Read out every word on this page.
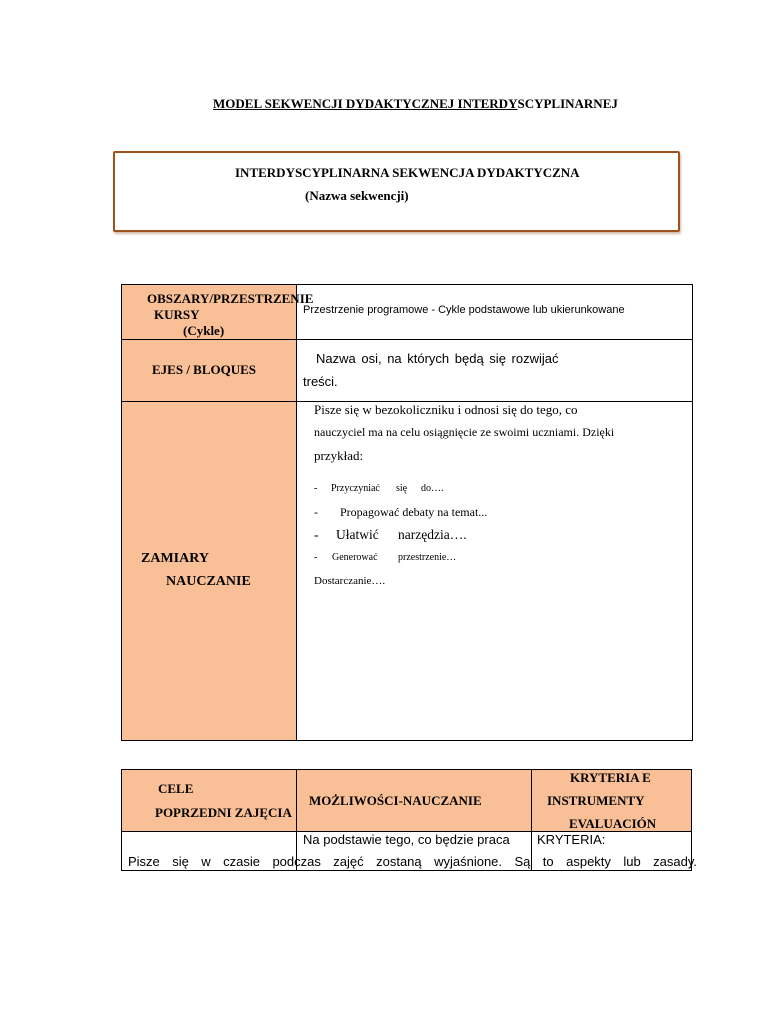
MODEL SEKWENCJI DYDAKTYCZNEJ INTERDYSCYPLINARNEJ
INTERDYSCYPLINARNA SEKWENCJA DYDAKTYCZNA
(Nazwa sekwencji)
OBSZARY/PRZESTRZENIE
KURSY
(Cykle)
Przestrzenie programowe - Cykle podstawowe lub ukierunkowane
EJES / BLOQUES
Nazwa osi, na których będą się rozwijać
treści.
ZAMIARY
NAUCZANIE
Pisze się w bezokoliczniku i odnosi się do tego, co
nauczyciel ma na celu osiągnięcie ze swoimi uczniami. Dzięki
przykład:
- Przyczyniać się do….
- Propagować debaty na temat...
- Ułatwić narzędzia….
- Generować przestrzenie…
Dostarczanie….
CELE
POPRZEDNI ZAJĘCIA
MOŻLIWOŚCI-NAUCZANIE
KRYTERIA E
INSTRUMENTY
EVALUACIÓN
Na podstawie tego, co będzie praca KRYTERIA:
Pisze się w czasie podczas zajęć zostaną wyjaśnione. Są to aspekty lub zasady.
